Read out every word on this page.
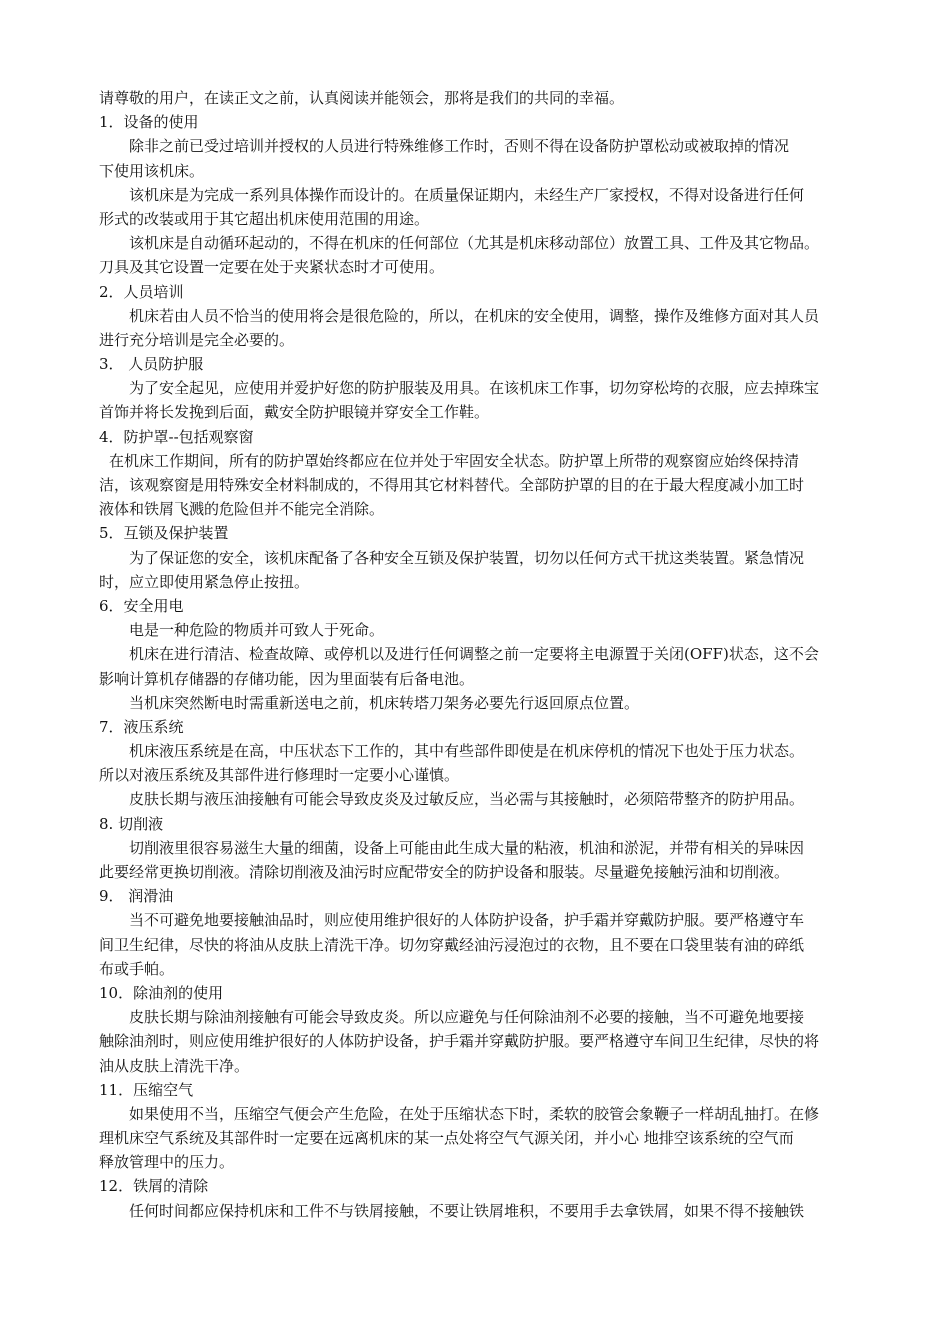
请尊敬的用户，在读正文之前，认真阅读并能领会，那将是我们的共同的幸福。
1．设备的使用
除非之前已受过培训并授权的人员进行特殊维修工作时，否则不得在设备防护罩松动或被取掉的情况
下使用该机床。
该机床是为完成一系列具体操作而设计的。在质量保证期内，未经生产厂家授权，不得对设备进行任何
形式的改装或用于其它超出机床使用范围的用途。
该机床是自动循环起动的，不得在机床的任何部位（尤其是机床移动部位）放置工具、工件及其它物品。
刀具及其它设置一定要在处于夹紧状态时才可使用。
2．人员培训
机床若由人员不恰当的使用将会是很危险的，所以，在机床的安全使用，调整，操作及维修方面对其人员
进行充分培训是完全必要的。
3． 人员防护服
为了安全起见，应使用并爱护好您的防护服装及用具。在该机床工作事，切勿穿松垮的衣服，应去掉珠宝
首饰并将长发挽到后面，戴安全防护眼镜并穿安全工作鞋。
4．防护罩--包括观察窗
在机床工作期间，所有的防护罩始终都应在位并处于牢固安全状态。防护罩上所带的观察窗应始终保持清
洁，该观察窗是用特殊安全材料制成的，不得用其它材料替代。全部防护罩的目的在于最大程度减小加工时
液体和铁屑飞溅的危险但并不能完全消除。
5．互锁及保护装置
为了保证您的安全，该机床配备了各种安全互锁及保护装置，切勿以任何方式干扰这类装置。紧急情况
时，应立即使用紧急停止按扭。
6．安全用电
电是一种危险的物质并可致人于死命。
机床在进行清洁、检查故障、或停机以及进行任何调整之前一定要将主电源置于关闭(OFF)状态，这不会
影响计算机存储器的存储功能，因为里面装有后备电池。
当机床突然断电时需重新送电之前，机床转塔刀架务必要先行返回原点位置。
7．液压系统
机床液压系统是在高，中压状态下工作的，其中有些部件即使是在机床停机的情况下也处于压力状态。
所以对液压系统及其部件进行修理时一定要小心谨慎。
皮肤长期与液压油接触有可能会导致皮炎及过敏反应，当必需与其接触时，必须陪带整齐的防护用品。
8. 切削液
切削液里很容易滋生大量的细菌，设备上可能由此生成大量的粘液，机油和淤泥，并带有相关的异味因
此要经常更换切削液。清除切削液及油污时应配带安全的防护设备和服装。尽量避免接触污油和切削液。
9． 润滑油
当不可避免地要接触油品时，则应使用维护很好的人体防护设备，护手霜并穿戴防护服。要严格遵守车
间卫生纪律，尽快的将油从皮肤上清洗干净。切勿穿戴经油污浸泡过的衣物，且不要在口袋里装有油的碎纸
布或手帕。
10．除油剂的使用
皮肤长期与除油剂接触有可能会导致皮炎。所以应避免与任何除油剂不必要的接触，当不可避免地要接
触除油剂时，则应使用维护很好的人体防护设备，护手霜并穿戴防护服。要严格遵守车间卫生纪律，尽快的将
油从皮肤上清洗干净。
11．压缩空气
如果使用不当，压缩空气便会产生危险，在处于压缩状态下时，柔软的胶管会象鞭子一样胡乱抽打。在修
理机床空气系统及其部件时一定要在远离机床的某一点处将空气气源关闭，并小心 地排空该系统的空气而
释放管理中的压力。
12．铁屑的清除
任何时间都应保持机床和工件不与铁屑接触，不要让铁屑堆积，不要用手去拿铁屑，如果不得不接触铁
